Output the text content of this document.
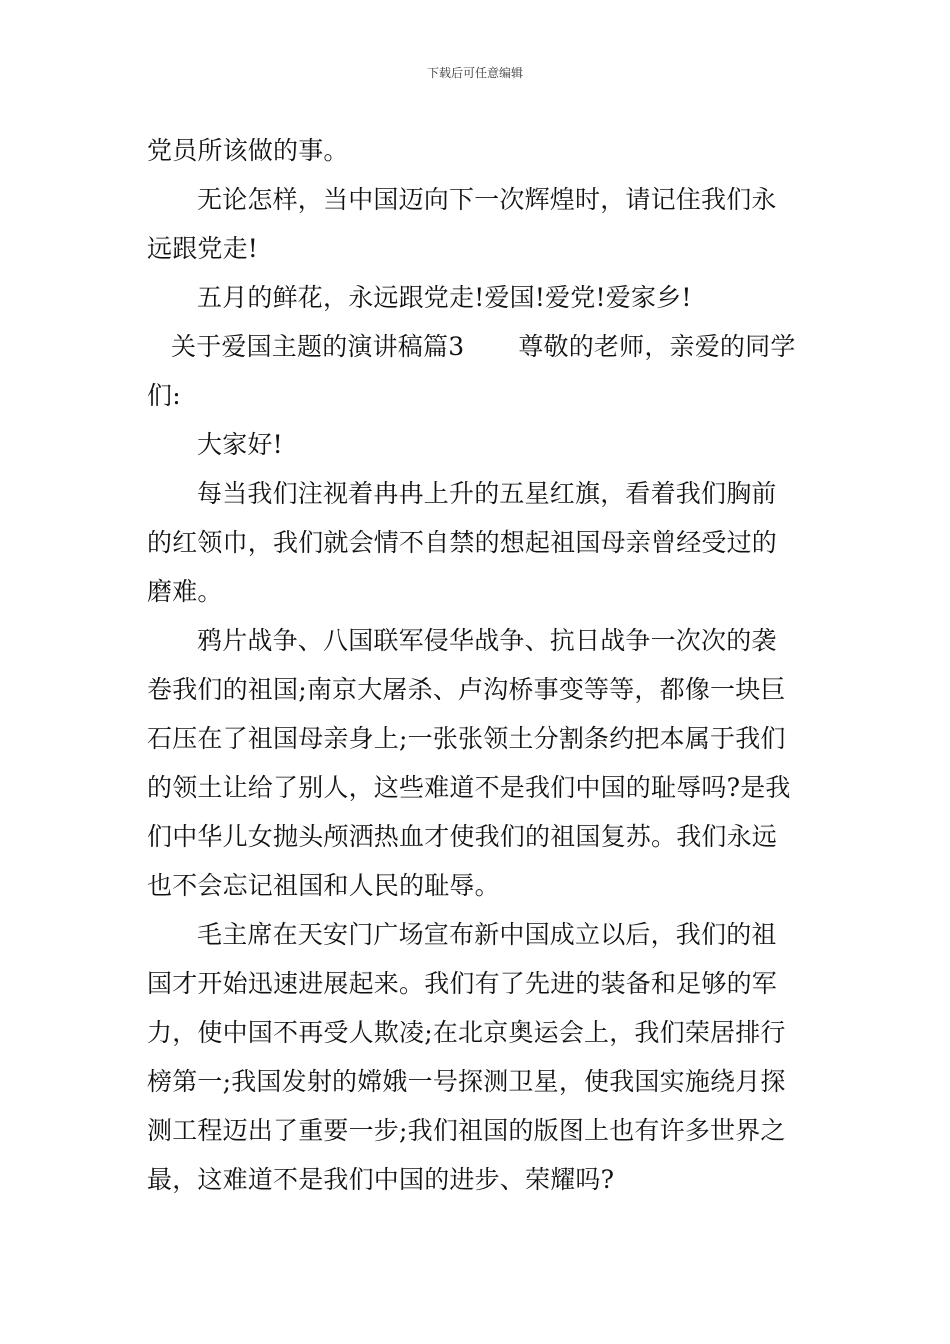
下载后可任意编辑
党员所该做的事。
无论怎样，当中国迈向下一次辉煌时，请记住我们永
远跟党走!
五月的鲜花，永远跟党走!爱国!爱党!爱家乡!
关于爱国主题的演讲稿篇3 尊敬的老师，亲爱的同学
们:
大家好!
每当我们注视着冉冉上升的五星红旗，看着我们胸前
的红领巾，我们就会情不自禁的想起祖国母亲曾经受过的
磨难。
鸦片战争、八国联军侵华战争、抗日战争一次次的袭
卷我们的祖国;南京大屠杀、卢沟桥事变等等，都像一块巨
石压在了祖国母亲身上;一张张领土分割条约把本属于我们
的领土让给了别人，这些难道不是我们中国的耻辱吗?是我
们中华儿女抛头颅洒热血才使我们的祖国复苏。我们永远
也不会忘记祖国和人民的耻辱。
毛主席在天安门广场宣布新中国成立以后，我们的祖
国才开始迅速进展起来。我们有了先进的装备和足够的军
力，使中国不再受人欺凌;在北京奥运会上，我们荣居排行
榜第一;我国发射的嫦娥一号探测卫星，使我国实施绕月探
测工程迈出了重要一步;我们祖国的版图上也有许多世界之
最，这难道不是我们中国的进步、荣耀吗?
